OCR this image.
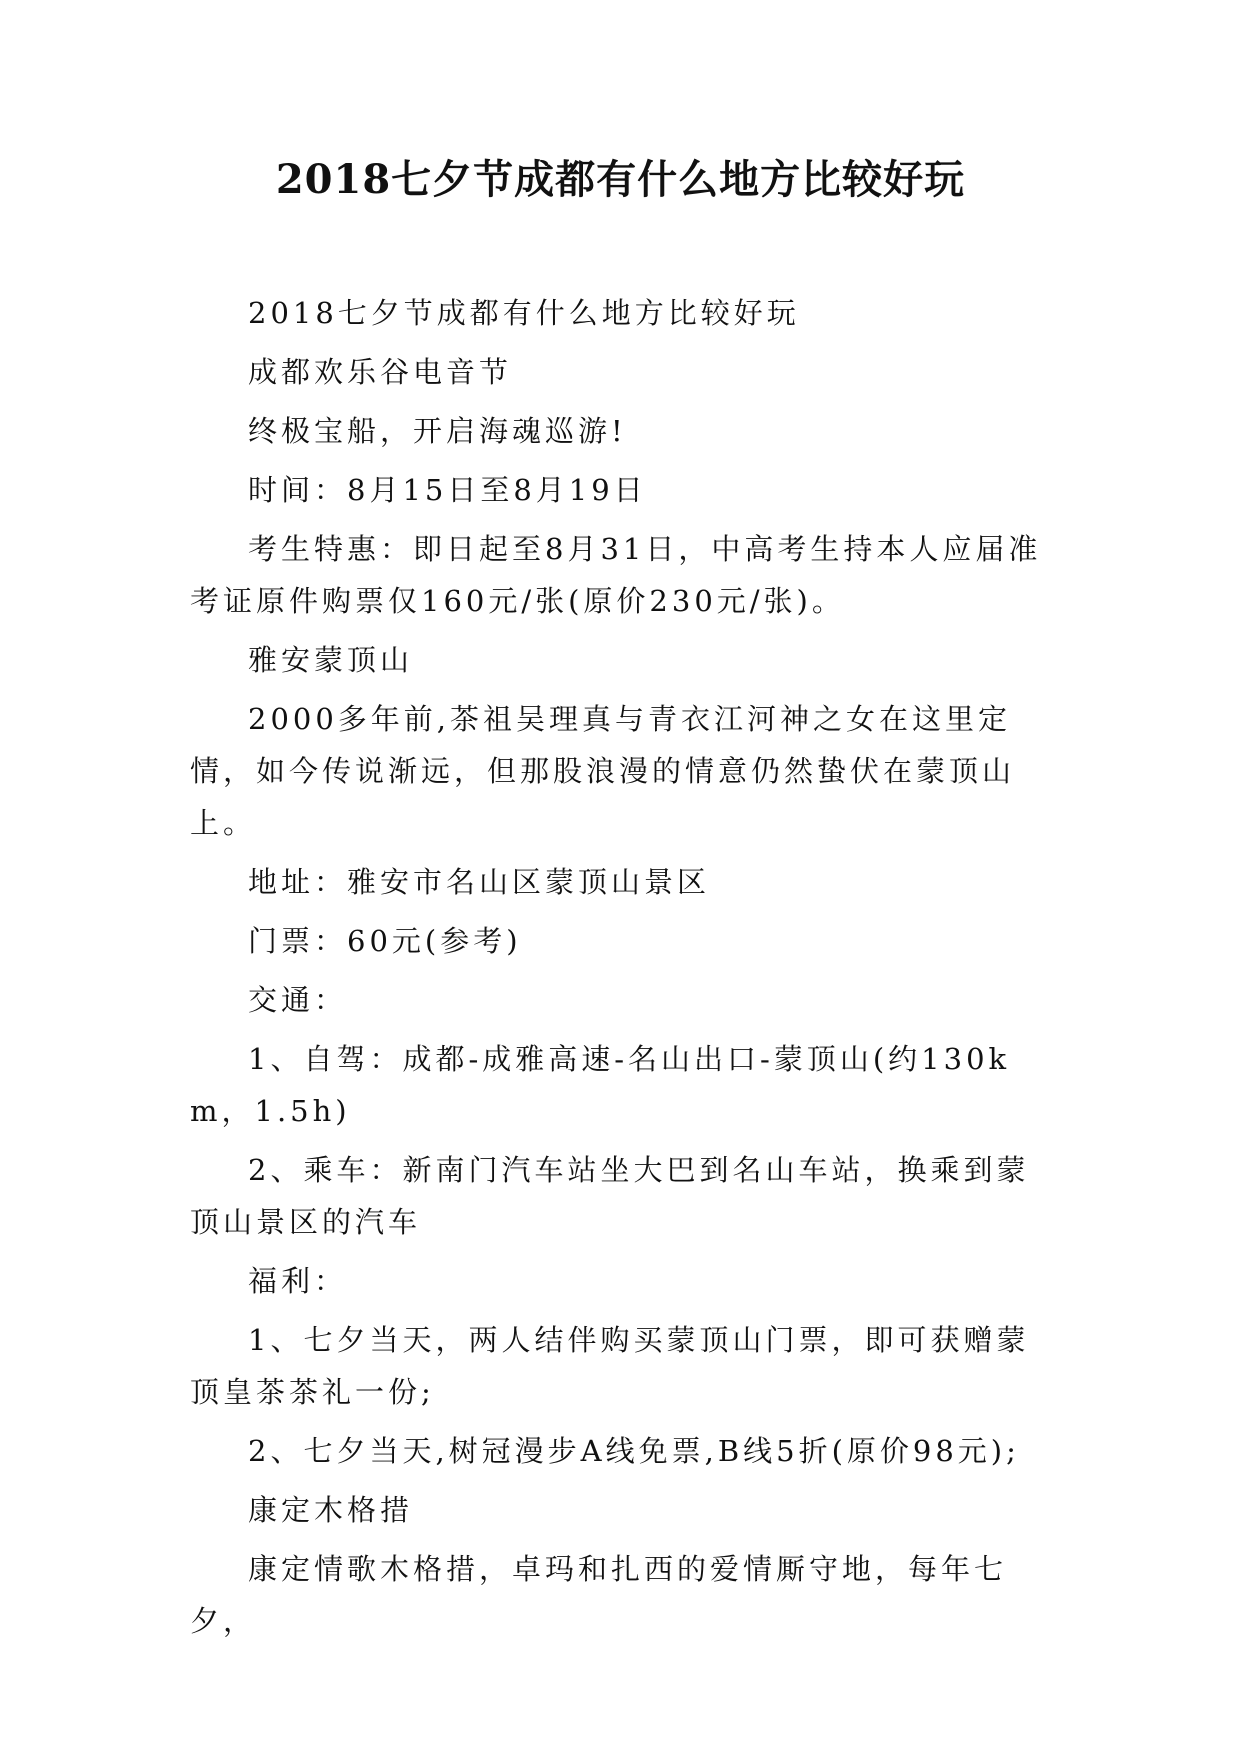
2018七夕节成都有什么地方比较好玩

2018七夕节成都有什么地方比较好玩

成都欢乐谷电音节

终极宝船，开启海魂巡游!

时间：8月15日至8月19日

考生特惠：即日起至8月31日，中高考生持本人应届准考证原件购票仅160元/张(原价230元/张)。

雅安蒙顶山

2000多年前,茶祖吴理真与青衣江河神之女在这里定情，如今传说渐远，但那股浪漫的情意仍然蛰伏在蒙顶山上。

地址：雅安市名山区蒙顶山景区

门票：60元(参考)

交通：

1、自驾：成都-成雅高速-名山出口-蒙顶山(约130km，1.5h)

2、乘车：新南门汽车站坐大巴到名山车站，换乘到蒙顶山景区的汽车

福利：

1、七夕当天，两人结伴购买蒙顶山门票，即可获赠蒙顶皇茶茶礼一份;

2、七夕当天,树冠漫步A线免票,B线5折(原价98元);

康定木格措

康定情歌木格措，卓玛和扎西的爱情厮守地，每年七夕，
